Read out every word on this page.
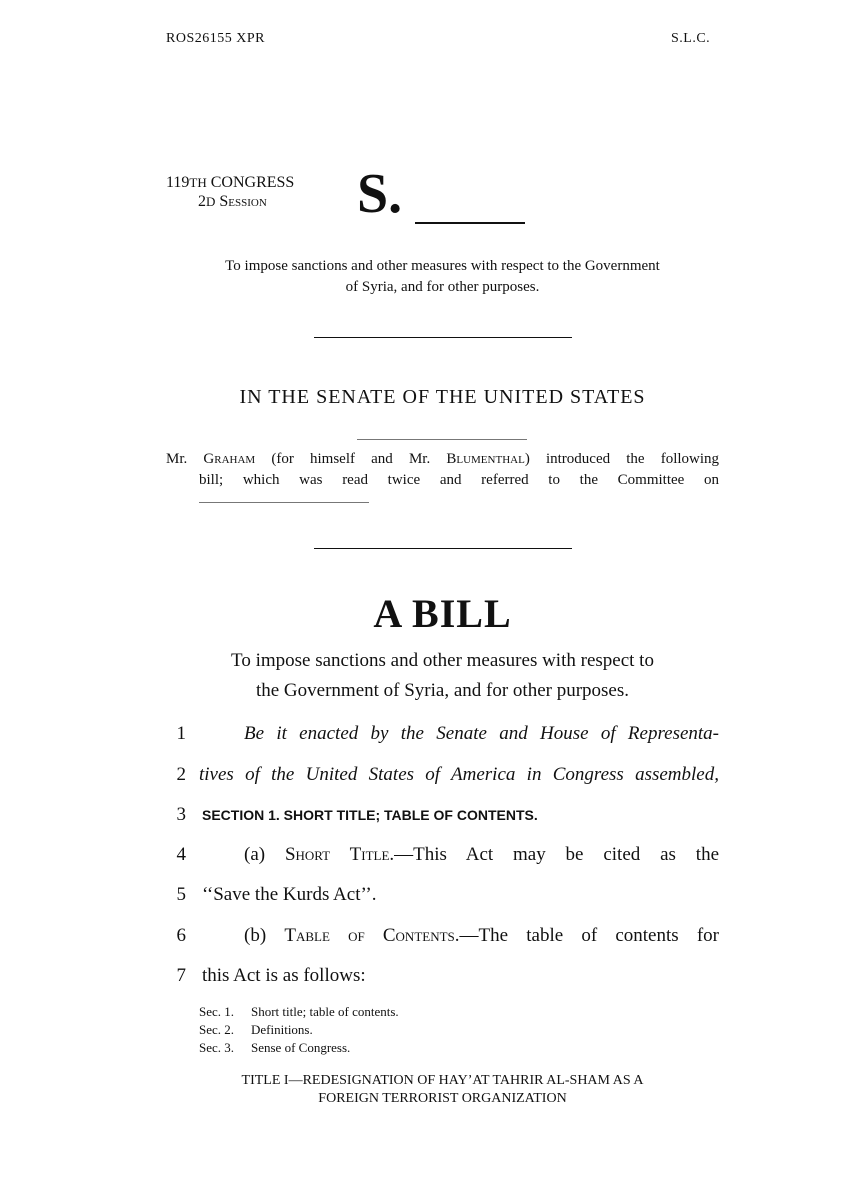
ROS26155 XPR	S.L.C.
119TH CONGRESS
2D Session S.
To impose sanctions and other measures with respect to the Government
of Syria, and for other purposes.
IN THE SENATE OF THE UNITED STATES
Mr. Graham (for himself and Mr. Blumenthal) introduced the following
bill; which was read twice and referred to the Committee on
A BILL
To impose sanctions and other measures with respect to
the Government of Syria, and for other purposes.
1	Be it enacted by the Senate and House of Representa-
2 tives of the United States of America in Congress assembled,
3 SECTION 1. SHORT TITLE; TABLE OF CONTENTS.
4	(a) Short Title.—This Act may be cited as the
5 ‘‘Save the Kurds Act’’.
6	(b) Table of Contents.—The table of contents for
7 this Act is as follows:
Sec. 1. Short title; table of contents.
Sec. 2. Definitions.
Sec. 3. Sense of Congress.
TITLE I—REDESIGNATION OF HAY’AT TAHRIR AL-SHAM AS A
FOREIGN TERRORIST ORGANIZATION
